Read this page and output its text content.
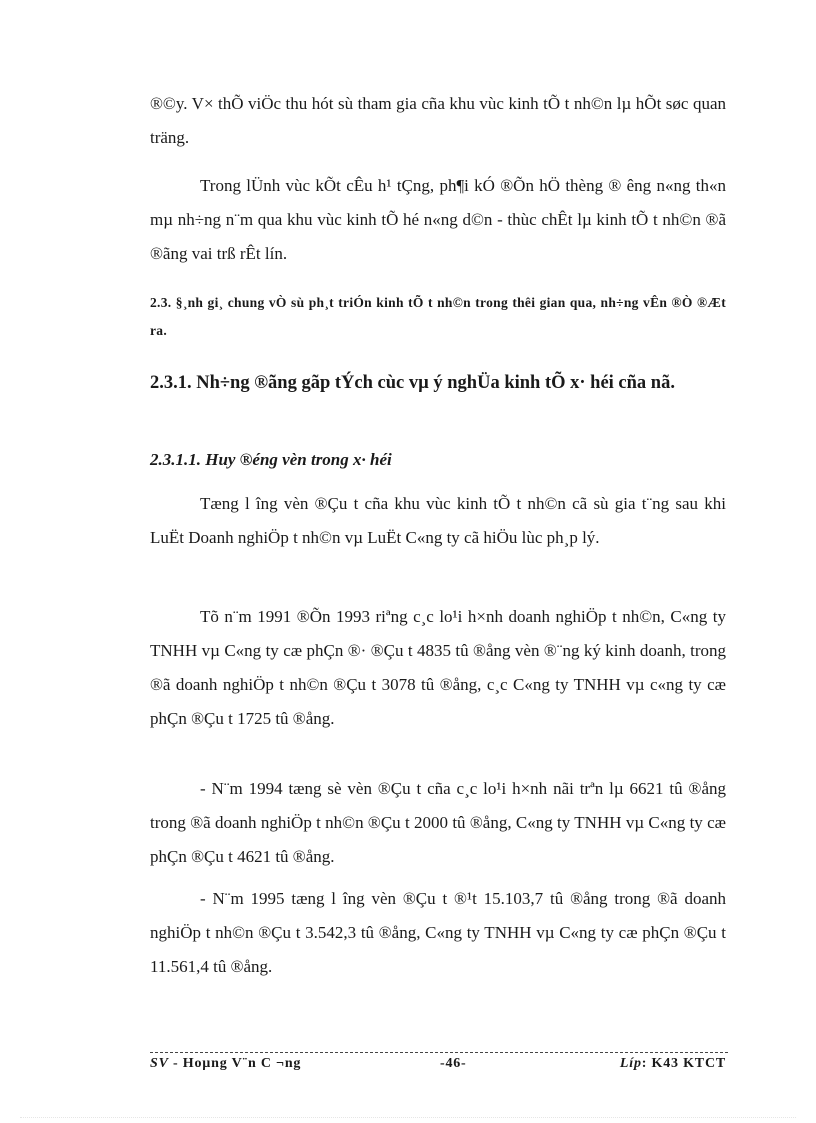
®©y. V× thÕ viÖc thu hót sù tham gia cña khu vùc kinh tÕ t nh©n lµ hÕt søc quan träng.

Trong lÜnh vùc kÕt cÊu h¹ tÇng, ph¶i kÓ ®Õn hÖ thèng ® êng n«ng th«n mµ nh÷ng n¨m qua khu vùc kinh tÕ hé n«ng d©n - thùc chÊt lµ kinh tÕ t nh©n ®ã ®ãng vai trß rÊt lín.

2.3. §¸nh gi¸ chung vÒ sù ph¸t triÓn kinh tÕ t nh©n trong thêi gian qua, nh÷ng vÊn ®Ò ®Æt ra.
2.3.1. Nh÷ng ®ãng gãp tÝch cùc vµ ý nghÜa kinh tÕ x· héi cña nã.
2.3.1.1. Huy ®éng vèn trong x· héi

Tæng l îng vèn ®Çu t cña khu vùc kinh tÕ t nh©n cã sù gia t¨ng sau khi LuËt Doanh nghiÖp t nh©n vµ LuËt C«ng ty cã hiÖu lùc ph¸p lý.

Tõ n¨m 1991 ®Õn 1993 riªng c¸c lo¹i h×nh doanh nghiÖp t nh©n, C«ng ty TNHH vµ C«ng ty cæ phÇn ®· ®Çu t 4835 tû ®ång vèn ®¨ng ký kinh doanh, trong ®ã doanh nghiÖp t nh©n ®Çu t 3078 tû ®ång, c¸c C«ng ty TNHH vµ c«ng ty cæ phÇn ®Çu t 1725 tû ®ång.

- N¨m 1994 tæng sè vèn ®Çu t cña c¸c lo¹i h×nh nãi trªn lµ 6621 tû ®ång trong ®ã doanh nghiÖp t nh©n ®Çu t 2000 tû ®ång, C«ng ty TNHH vµ C«ng ty cæ phÇn ®Çu t 4621 tû ®ång.

- N¨m 1995 tæng l îng vèn ®Çu t ®¹t 15.103,7 tû ®ång trong ®ã doanh nghiÖp t nh©n ®Çu t 3.542,3 tû ®ång, C«ng ty TNHH vµ C«ng ty cæ phÇn ®Çu t 11.561,4 tû ®ång.

SV - Hoµng V¨n C ¬ng	-46-	Líp: K43 KTCT
